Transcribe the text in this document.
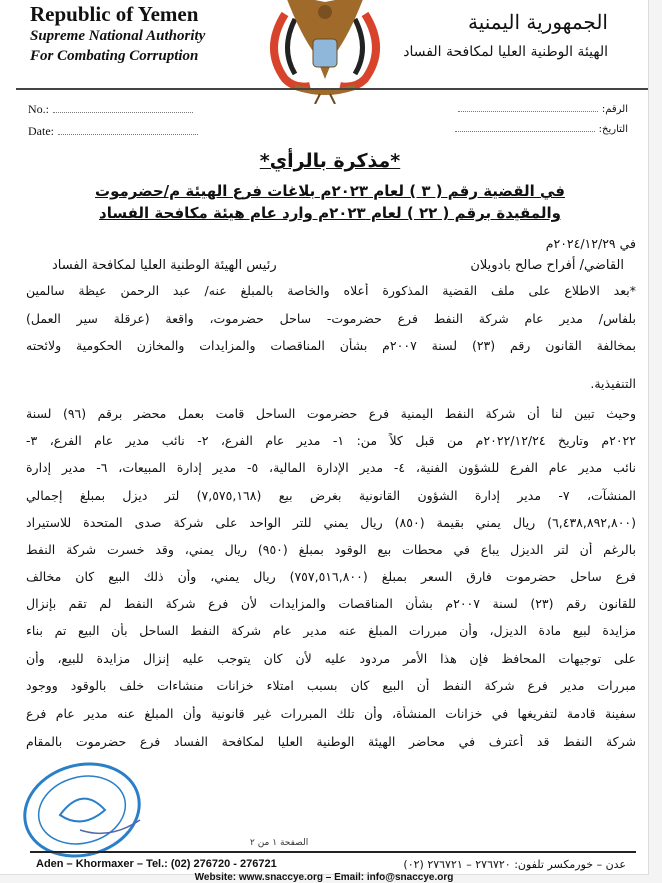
Republic of Yemen
Supreme National Authority
For Combating Corruption
الجمهورية اليمنية
الهيئة الوطنية العليا لمكافحة الفساد
No.:
Date:
الرقم:
التاريخ:
*مذكرة بالرأي*
في القضية رقم ( ٣ ) لعام ٢٠٢٣م بلاغات فرع الهيئة م/حضرموت
والمقيدة برقم ( ٢٢ ) لعام ٢٠٢٣م وارد عام هيئة مكافحة الفساد
في ٢٠٢٤/١٢/٢٩م
القاضي/ أفراح صالح بادويلان
رئيس الهيئة الوطنية العليا لمكافحة الفساد
*بعد الاطلاع على ملف القضية المذكورة أعلاه والخاصة بالمبلغ عنه/ عبد الرحمن عيظة سالمين
بلفاس/ مدير عام شركة النفط فرع حضرموت- ساحل حضرموت، واقعة (عرقلة سير العمل)
بمخالفة القانون رقم (٢٣) لسنة ٢٠٠٧م بشأن المناقصات والمزايدات والمخازن الحكومية ولائحته
التنفيذية.
وحيث تبين لنا أن شركة النفط اليمنية فرع حضرموت الساحل قامت بعمل محضر برقم (٩٦) لسنة
٢٠٢٢م وتاريخ ٢٠٢٢/١٢/٢٤م من قبل كلاً من: ١- مدير عام الفرع، ٢- نائب مدير عام الفرع، ٣-
نائب مدير عام الفرع للشؤون الفنية، ٤- مدير الإدارة المالية، ٥- مدير إدارة المبيعات، ٦- مدير إدارة
المنشآت، ٧- مدير إدارة الشؤون القانونية بغرض بيع (٧,٥٧٥,١٦٨) لتر ديزل بمبلغ إجمالي
(٦,٤٣٨,٨٩٢,٨٠٠) ريال يمني بقيمة (٨٥٠) ريال يمني للتر الواحد على شركة صدى المتحدة للاستيراد
بالرغم أن لتر الديزل يباع في محطات بيع الوقود بمبلغ (٩٥٠) ريال يمني، وقد خسرت شركة النفط
فرع ساحل حضرموت فارق السعر بمبلغ (٧٥٧,٥١٦,٨٠٠) ريال يمني، وأن ذلك البيع كان مخالف
للقانون رقم (٢٣) لسنة ٢٠٠٧م بشأن المناقصات والمزايدات لأن فرع شركة النفط لم تقم بإنزال
مزايدة لبيع مادة الديزل، وأن مبررات المبلغ عنه مدير عام شركة النفط الساحل بأن البيع تم بناء
على توجيهات المحافظ فإن هذا الأمر مردود عليه لأن كان يتوجب عليه إنزال مزايدة للبيع، وأن
مبررات مدير فرع شركة النفط أن البيع كان بسبب امتلاء خزانات منشاءات خلف بالوقود ووجود
سفينة قادمة لتفريغها في خزانات المنشأة، وأن تلك المبررات غير قانونية وأن المبلغ عنه مدير عام فرع
شركة النفط قد أعترف في محاضر الهيئة الوطنية العليا لمكافحة الفساد فرع حضرموت بالمقام
الصفحة ١ من ٢
Aden – Khormaxer – Tel.: (02) 276720 - 276721	عدن – خورمكسر تلفون: ٢٧٦٧٢٠ – ٢٧٦٧٢١ (٠٢)
Website: www.snaccye.org – Email: info@snaccye.org
